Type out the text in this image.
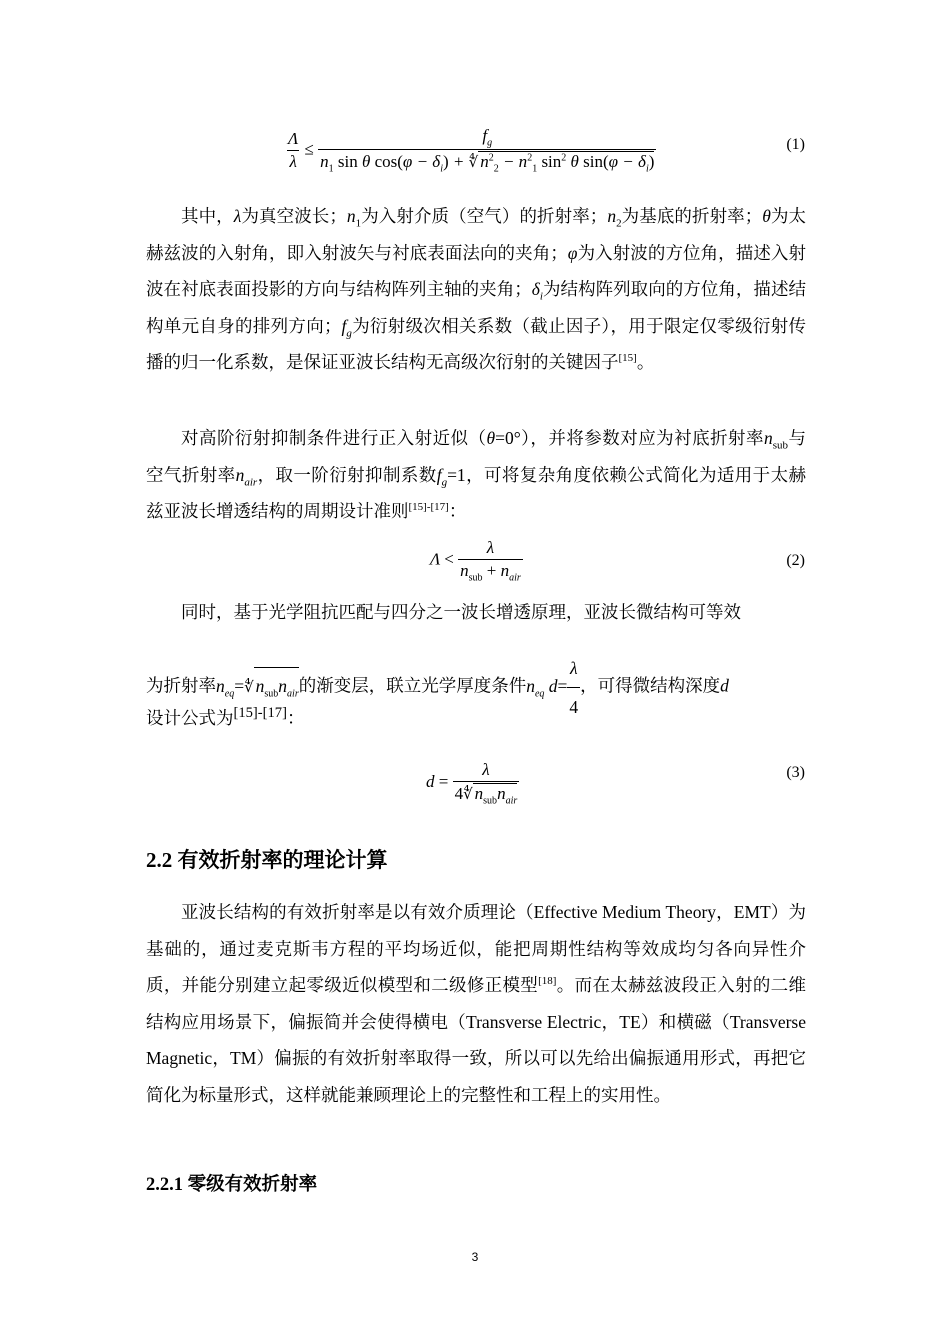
$\frac{\Lambda}{\lambda} \le \frac{f_g}{n_1 \sin \theta \cos(\varphi - \delta_i) + ∜ n^2_2 - n^2_1 \sin^2 \theta \sin(\varphi - \delta_i)}$	(1)
其中，λ为真空波长；$n_1$为入射介质（空气）的折射率；$n_2$为基底的折射率；θ为太赫兹波的入射角，即入射波矢与衬底表面法向的夹角；φ为入射波的方位角，描述入射波在衬底表面投影的方向与结构阵列主轴的夹角；$\delta_i$为结构阵列取向的方位角，描述结构单元自身的排列方向；$f_g$为衍射级次相关系数（截止因子），用于限定仅零级衍射传播的归一化系数，是保证亚波长结构无高级次衍射的关键因子[15]。
对高阶衍射抑制条件进行正入射近似（θ=0°），并将参数对应为衬底折射率$n_{sub}$与空气折射率$n_{air}$，取一阶衍射抑制系数$f_g=1$，可将复杂角度依赖公式简化为适用于太赫兹亚波长增透结构的周期设计准则[15]-[17]：
$\Lambda < \frac{\lambda}{n_{sub} + n_{air}}$	(2)
同时，基于光学阻抗匹配与四分之一波长增透原理，亚波长微结构可等效
为折射率$n_{eq}=∜$ $n_{sub}n_{air}$的渐变层，联立光学厚度条件$n_{eq}$ $d= \frac{\lambda}{4}$ ，可得微结构深度d
设计公式为[15]-[17]：
$d = \frac{\lambda}{4∜ n_{sub}n_{air}}$	(3)
2.2 有效折射率的理论计算
亚波长结构的有效折射率是以有效介质理论（Effective Medium Theory，EMT）为基础的，通过麦克斯韦方程的平均场近似，能把周期性结构等效成均匀各向异性介质，并能分别建立起零级近似模型和二级修正模型[18]。而在太赫兹波段正入射的二维结构应用场景下，偏振简并会使得横电（Transverse Electric，TE）和横磁（Transverse Magnetic，TM）偏振的有效折射率取得一致，所以可以先给出偏振通用形式，再把它简化为标量形式，这样就能兼顾理论上的完整性和工程上的实用性。
2.2.1 零级有效折射率
3
